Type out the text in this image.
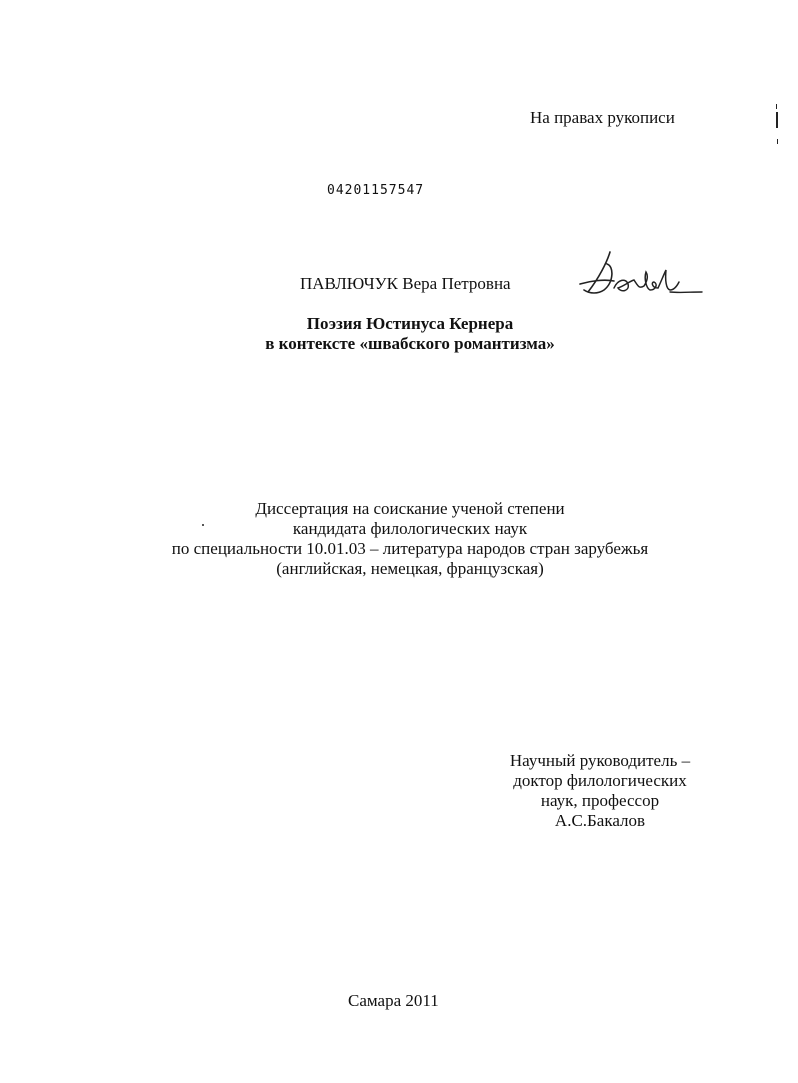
На правах рукописи
04201157547
ПАВЛЮЧУК Вера Петровна
Поэзия Юстинуса Кернера
в контексте «швабского романтизма»
Диссертация на соискание ученой степени
кандидата филологических наук
по специальности 10.01.03 – литература народов стран зарубежья
(английская, немецкая, французская)
Научный руководитель –
доктор филологических
наук, профессор
А.С.Бакалов
Самара 2011
